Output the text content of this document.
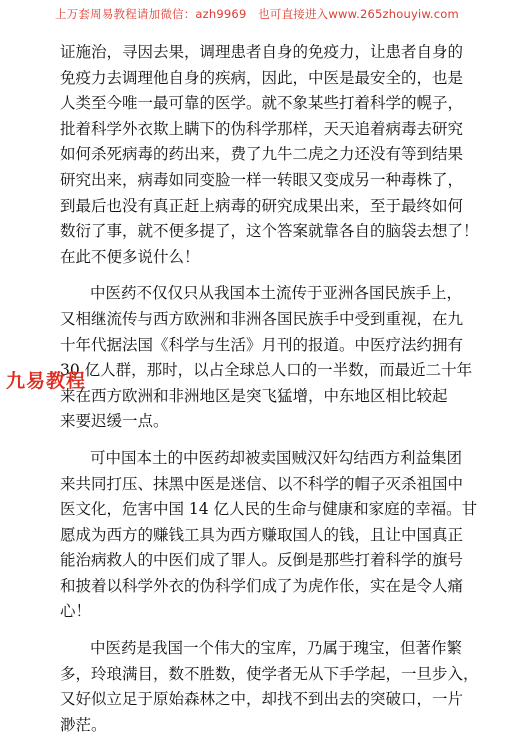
上万套周易教程请加微信：azh9969　也可直接进入www.265zhouyiw.com

证施治，寻因去果，调理患者自身的免疫力，让患者自身的
免疫力去调理他自身的疾病，因此，中医是最安全的，也是
人类至今唯一最可靠的医学。就不象某些打着科学的幌子，
批着科学外衣欺上瞒下的伪科学那样，天天追着病毒去研究
如何杀死病毒的药出来，费了九牛二虎之力还没有等到结果
研究出来，病毒如同变脸一样一转眼又变成另一种毒株了，
到最后也没有真正赶上病毒的研究成果出来，至于最终如何
数衍了事，就不便多提了，这个答案就靠各自的脑袋去想了！
在此不便多说什么！

中医药不仅仅只从我国本土流传于亚洲各国民族手上，
又相继流传与西方欧洲和非洲各国民族手中受到重视，在九
十年代据法国《科学与生活》月刊的报道。中医疗法约拥有
30 亿人群，那时，以占全球总人口的一半数，而最近二十年
来在西方欧洲和非洲地区是突飞猛增，中东地区相比较起
来要迟缓一点。

可中国本土的中医药却被卖国贼汉奸勾结西方利益集团
来共同打压、抹黑中医是迷信、以不科学的帽子灭杀祖国中
医文化，危害中国 14 亿人民的生命与健康和家庭的幸福。甘
愿成为西方的赚钱工具为西方赚取国人的钱，且让中国真正
能治病救人的中医们成了罪人。反倒是那些打着科学的旗号
和披着以科学外衣的伪科学们成了为虎作伥，实在是令人痛
心！

中医药是我国一个伟大的宝库，乃属于瑰宝，但著作繁
多，玲琅满目，数不胜数，使学者无从下手学起，一旦步入，
又好似立足于原始森林之中，却找不到出去的突破口，一片
渺茫。

九易教程
